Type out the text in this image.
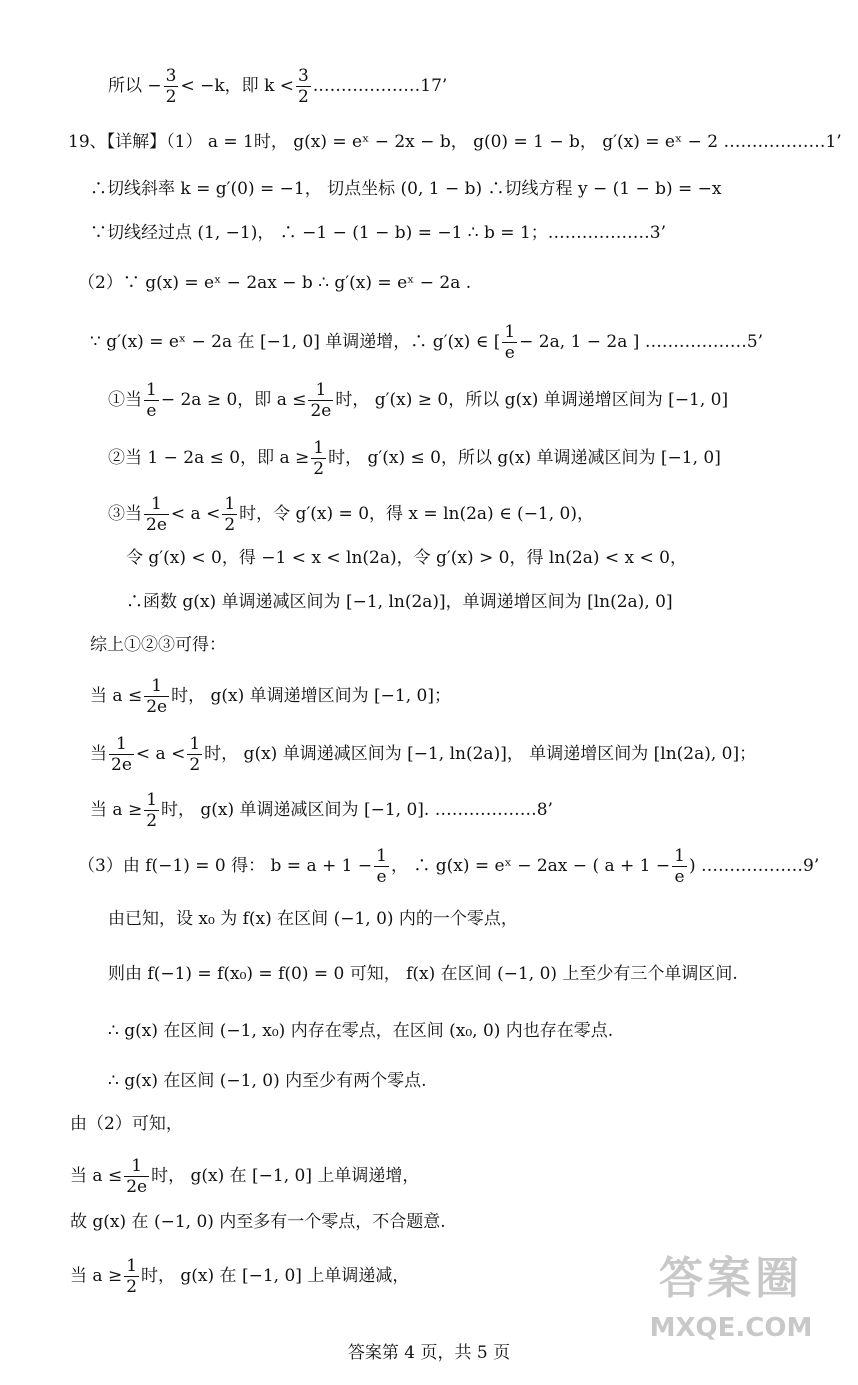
所以 − $\frac{3}{2} < -k$，即 $k < \frac{3}{2}$ .………………17’
19、【详解】（1） a = 1时， g(x) = eˣ − 2x − b， g(0) = 1 − b， g′(x) = eˣ − 2 ………………1’
∴切线斜率 k = g′(0) = −1， 切点坐标 (0, 1 − b) ∴切线方程 y − (1 − b) = −x
∵切线经过点 (1, −1)， ∴ −1 − (1 − b) = −1 ∴ b = 1；………………3’
（2）∵ g(x) = eˣ − 2ax − b ∴ g′(x) = eˣ − 2a .
∵ g′(x) = eˣ − 2a 在 [−1, 0] 单调递增，∴ g′(x) ∈ [ $\frac{1}{e} - 2a$, 1 − 2a ] ………………5’
①当 $\frac{1}{e} - 2a \ge 0$，即 $a \le \frac{1}{2e}$ 时， g′(x) ≥ 0，所以 g(x) 单调递增区间为 [−1, 0]
②当 1 − 2a ≤ 0，即 $a \ge \frac{1}{2}$ 时， g′(x) ≤ 0，所以 g(x) 单调递减区间为 [−1, 0]
③当 $\frac{1}{2e} < a < \frac{1}{2}$ 时，令 g′(x) = 0，得 x = ln(2a) ∈ (−1, 0)，
令 g′(x) < 0，得 −1 < x < ln(2a)，令 g′(x) > 0，得 ln(2a) < x < 0，
∴函数 g(x) 单调递减区间为 [−1, ln(2a)]，单调递增区间为 [ln(2a), 0]
综上①②③可得：
当 $a \le \frac{1}{2e}$ 时， g(x) 单调递增区间为 [−1, 0]；
当 $\frac{1}{2e} < a < \frac{1}{2}$ 时， g(x) 单调递减区间为 [−1, ln(2a)]， 单调递增区间为 [ln(2a), 0]；
当 $a \ge \frac{1}{2}$ 时， g(x) 单调递减区间为 [−1, 0]. ………………8’
（3）由 f(−1) = 0 得： $b = a + 1 - \frac{1}{e}$ ， ∴ g(x) = eˣ − 2ax − ( $a + 1 - \frac{1}{e}$ ) ………………9’
由已知，设 x₀ 为 f(x) 在区间 (−1, 0) 内的一个零点，
则由 f(−1) = f(x₀) = f(0) = 0 可知， f(x) 在区间 (−1, 0) 上至少有三个单调区间.
∴ g(x) 在区间 (−1, x₀) 内存在零点，在区间 (x₀, 0) 内也存在零点.
∴ g(x) 在区间 (−1, 0) 内至少有两个零点.
由（2）可知，
当 $a \le \frac{1}{2e}$ 时， g(x) 在 [−1, 0] 上单调递增，
故 g(x) 在 (−1, 0) 内至多有一个零点，不合题意.
当 $a \ge \frac{1}{2}$ 时， g(x) 在 [−1, 0] 上单调递减，	答案圈
MXQE.COM
答案第 4 页，共 5 页
